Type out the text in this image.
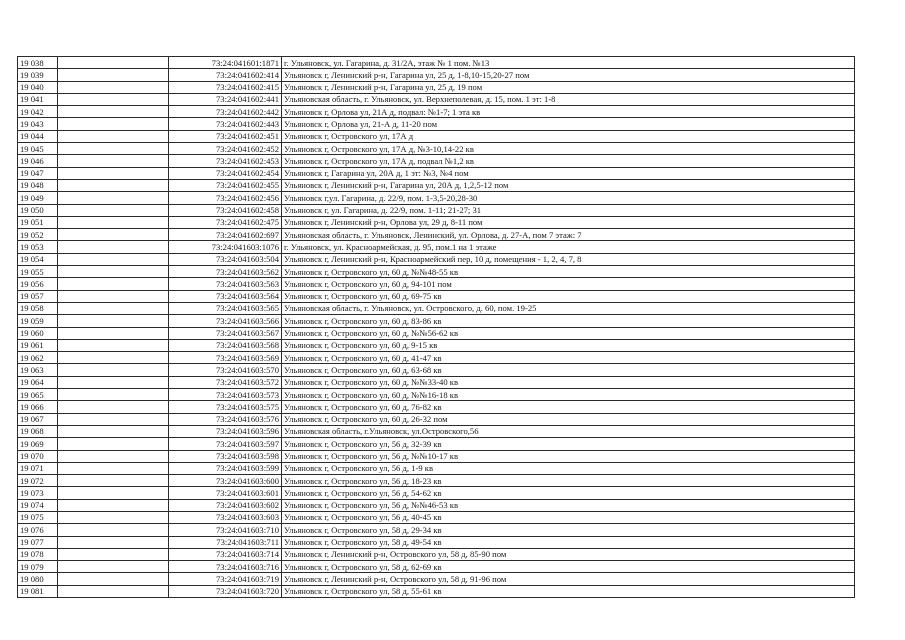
19 038		73:24:041601:1871	г. Ульяновск, ул. Гагарина, д. 31/2А, этаж № 1 пом. №13
19 039		73:24:041602:414	Ульяновск г, Ленинский р-н, Гагарина ул, 25 д, 1-8,10-15,20-27 пом
19 040		73:24:041602:415	Ульяновск г, Ленинский р-н, Гагарина ул, 25 д, 19 пом
19 041		73:24:041602:441	Ульяновская область, г. Ульяновск, ул. Верхнеполевая, д. 15, пом. 1 эт: 1-8
19 042		73:24:041602:442	Ульяновск г, Орлова ул, 21А д, подвал: №1-7; 1 эта кв
19 043		73:24:041602:443	Ульяновск г, Орлова ул, 21-А д, 11-20 пом
19 044		73:24:041602:451	Ульяновск г, Островского ул, 17А д
19 045		73:24:041602:452	Ульяновск г, Островского ул, 17А д, №3-10,14-22 кв
19 046		73:24:041602:453	Ульяновск г, Островского ул, 17А д, подвал №1,2 кв
19 047		73:24:041602:454	Ульяновск г, Гагарина ул, 20А д, 1 эт: №3, №4 пом
19 048		73:24:041602:455	Ульяновск г, Ленинский р-н, Гагарина ул, 20А д, 1,2,5-12 пом
19 049		73:24:041602:456	Ульяновск г,ул. Гагарина, д. 22/9, пом. 1-3,5-20,28-30
19 050		73:24:041602:458	Ульяновск г, ул. Гагарина, д. 22/9, пом. 1-11; 21-27; 31
19 051		73:24:041602:475	Ульяновск г, Ленинский р-н, Орлова ул, 29 д, 8-11 пом
19 052		73:24:041602:697	Ульяновская область, г. Ульяновск, Ленинский, ул. Орлова, д. 27-А, пом 7 этаж: 7
19 053		73:24:041603:1076	г. Ульяновск, ул. Красноармейская, д. 95, пом.1 на 1 этаже
19 054		73:24:041603:504	Ульяновск г, Ленинский р-н, Красноармейский пер, 10 д, помещения - 1, 2, 4, 7, 8
19 055		73:24:041603:562	Ульяновск г, Островского ул, 60 д, №№48-55 кв
19 056		73:24:041603:563	Ульяновск г, Островского ул, 60 д, 94-101 пом
19 057		73:24:041603:564	Ульяновск г, Островского ул, 60 д, 69-75 кв
19 058		73:24:041603:565	Ульяновская область, г. Ульяновск, ул. Островского, д. 60, пом. 19-25
19 059		73:24:041603:566	Ульяновск г, Островского ул, 60 д, 83-86 кв
19 060		73:24:041603:567	Ульяновск г, Островского ул, 60 д, №№56-62 кв
19 061		73:24:041603:568	Ульяновск г, Островского ул, 60 д, 9-15 кв
19 062		73:24:041603:569	Ульяновск г, Островского ул, 60 д, 41-47 кв
19 063		73:24:041603:570	Ульяновск г, Островского ул, 60 д, 63-68 кв
19 064		73:24:041603:572	Ульяновск г, Островского ул, 60 д, №№33-40 кв
19 065		73:24:041603:573	Ульяновск г, Островского ул, 60 д, №№16-18 кв
19 066		73:24:041603:575	Ульяновск г, Островского ул, 60 д, 76-82 кв
19 067		73:24:041603:576	Ульяновск г, Островского ул, 60 д, 26-32 пом
19 068		73:24:041603:596	Ульяновская область, г.Ульяновск, ул.Островского,56
19 069		73:24:041603:597	Ульяновск г, Островского ул, 56 д, 32-39 кв
19 070		73:24:041603:598	Ульяновск г, Островского ул, 56 д, №№10-17 кв
19 071		73:24:041603:599	Ульяновск г, Островского ул, 56 д, 1-9 кв
19 072		73:24:041603:600	Ульяновск г, Островского ул, 56 д, 18-23 кв
19 073		73:24:041603:601	Ульяновск г, Островского ул, 56 д, 54-62 кв
19 074		73:24:041603:602	Ульяновск г, Островского ул, 56 д, №№46-53 кв
19 075		73:24:041603:603	Ульяновск г, Островского ул, 56 д, 40-45 кв
19 076		73:24:041603:710	Ульяновск г, Островского ул, 58 д, 29-34 кв
19 077		73:24:041603:711	Ульяновск г, Островского ул, 58 д, 49-54 кв
19 078		73:24:041603:714	Ульяновск г, Ленинский р-н, Островского ул, 58 д, 85-90 пом
19 079		73:24:041603:716	Ульяновск г, Островского ул, 58 д, 62-69 кв
19 080		73:24:041603:719	Ульяновск г, Ленинский р-н, Островского ул, 58 д, 91-96 пом
19 081		73:24:041603:720	Ульяновск г, Островского ул, 58 д, 55-61 кв
